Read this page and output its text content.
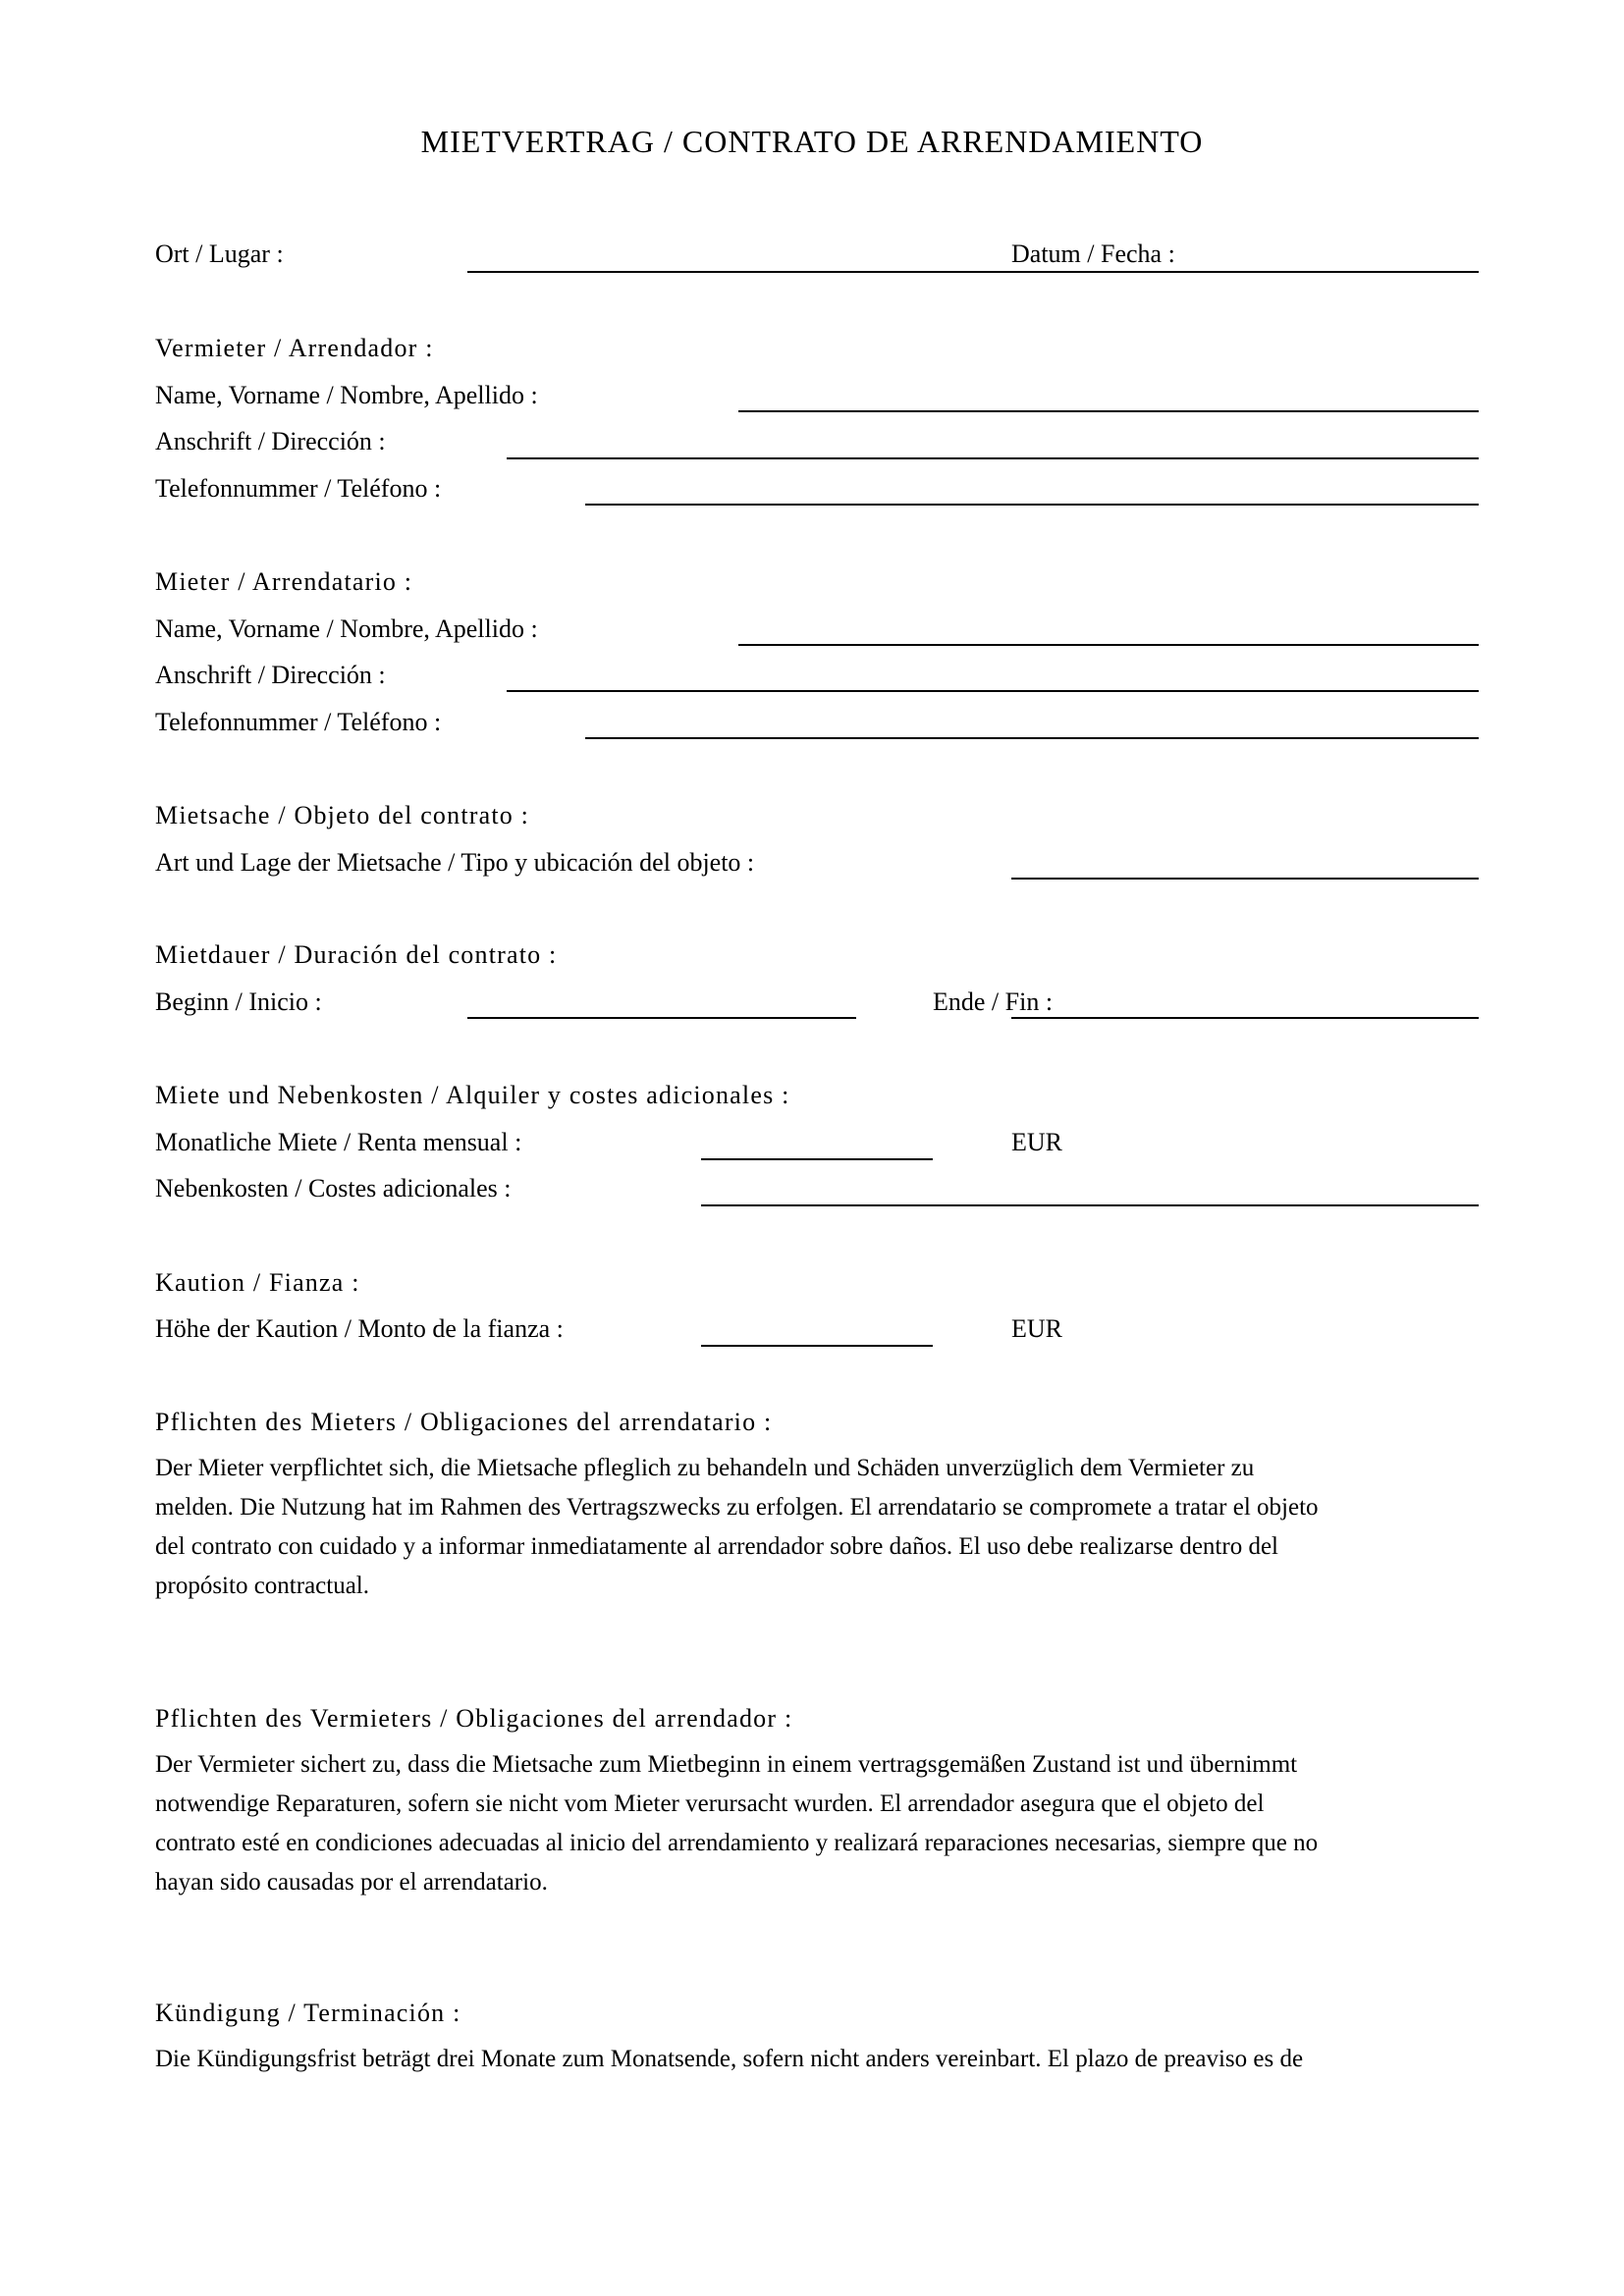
MIETVERTRAG / CONTRATO DE ARRENDAMIENTO
Ort / Lugar :	Datum / Fecha :
Vermieter / Arrendador :
Name, Vorname / Nombre, Apellido :
Anschrift / Dirección :
Telefonnummer / Teléfono :
Mieter / Arrendatario :
Name, Vorname / Nombre, Apellido :
Anschrift / Dirección :
Telefonnummer / Teléfono :
Mietsache / Objeto del contrato :
Art und Lage der Mietsache / Tipo y ubicación del objeto :
Mietdauer / Duración del contrato :
Beginn / Inicio :	Ende / Fin :
Miete und Nebenkosten / Alquiler y costes adicionales :
Monatliche Miete / Renta mensual :	EUR
Nebenkosten / Costes adicionales :
Kaution / Fianza :
Höhe der Kaution / Monto de la fianza :	EUR
Pflichten des Mieters / Obligaciones del arrendatario :
Der Mieter verpflichtet sich, die Mietsache pfleglich zu behandeln und Schäden unverzüglich dem Vermieter zu
melden. Die Nutzung hat im Rahmen des Vertragszwecks zu erfolgen. El arrendatario se compromete a tratar el objeto
del contrato con cuidado y a informar inmediatamente al arrendador sobre daños. El uso debe realizarse dentro del
propósito contractual.
Pflichten des Vermieters / Obligaciones del arrendador :
Der Vermieter sichert zu, dass die Mietsache zum Mietbeginn in einem vertragsgemäßen Zustand ist und übernimmt
notwendige Reparaturen, sofern sie nicht vom Mieter verursacht wurden. El arrendador asegura que el objeto del
contrato esté en condiciones adecuadas al inicio del arrendamiento y realizará reparaciones necesarias, siempre que no
hayan sido causadas por el arrendatario.
Kündigung / Terminación :
Die Kündigungsfrist beträgt drei Monate zum Monatsende, sofern nicht anders vereinbart. El plazo de preaviso es de
